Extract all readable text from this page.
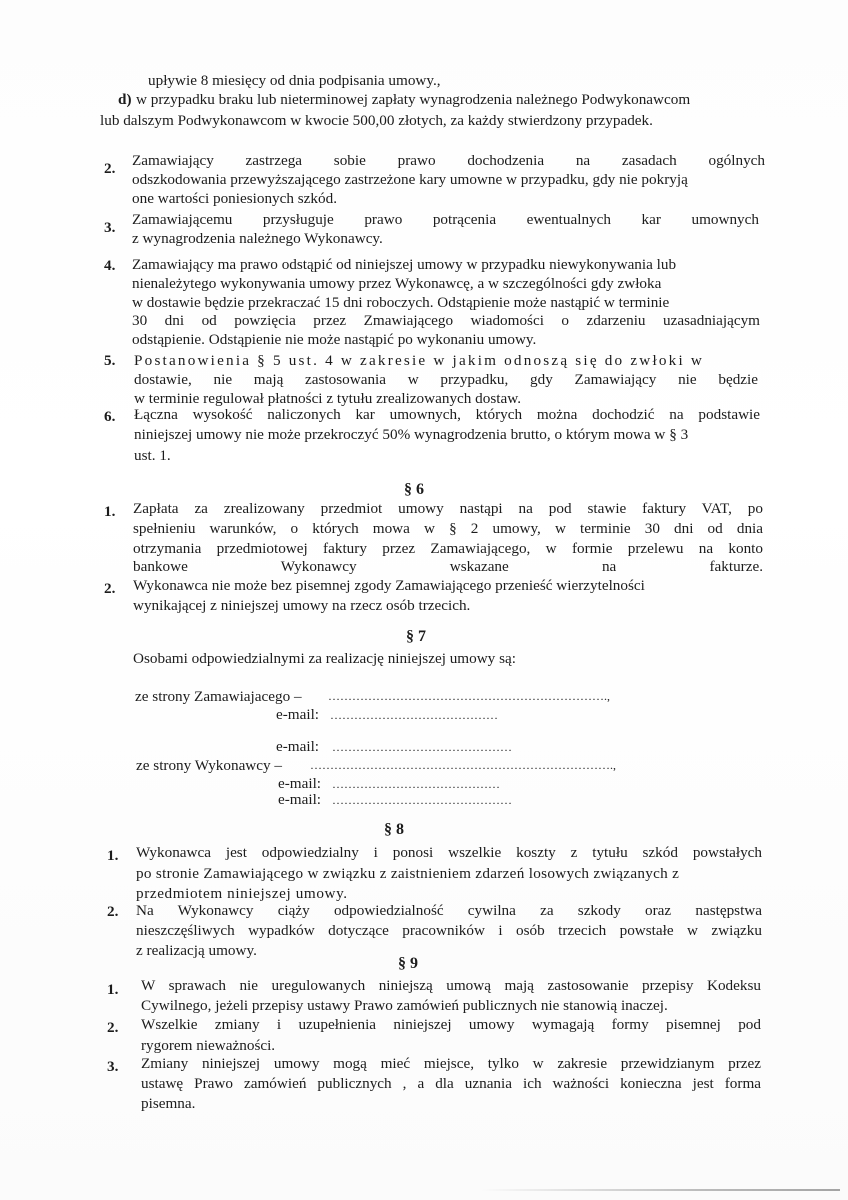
upływie 8 miesięcy od dnia podpisania umowy.,
d) w przypadku braku lub nieterminowej zapłaty wynagrodzenia należnego Podwykonawcom
lub dalszym Podwykonawcom w kwocie 500,00 złotych, za każdy stwierdzony przypadek.
2. Zamawiający zastrzega sobie prawo dochodzenia na zasadach ogólnych
odszkodowania przewyższającego zastrzeżone kary umowne w przypadku, gdy nie pokryją
one wartości poniesionych szkód.
3. Zamawiającemu przysługuje prawo potrącenia ewentualnych kar umownych
z wynagrodzenia należnego Wykonawcy.
4. Zamawiający ma prawo odstąpić od niniejszej umowy w przypadku niewykonywania lub
nienależytego wykonywania umowy przez Wykonawcę, a w szczególności gdy zwłoka
w dostawie będzie przekraczać 15 dni roboczych. Odstąpienie może nastąpić w terminie
30 dni od powzięcia przez Zmawiającego wiadomości o zdarzeniu uzasadniającym
odstąpienie. Odstąpienie nie może nastąpić po wykonaniu umowy.
5. Postanowienia § 5 ust. 4 w zakresie w jakim odnoszą się do zwłoki w
dostawie, nie mają zastosowania w przypadku, gdy Zamawiający nie będzie
w terminie regulował płatności z tytułu zrealizowanych dostaw.
6. Łączna wysokość naliczonych kar umownych, których można dochodzić na podstawie
niniejszej umowy nie może przekroczyć 50% wynagrodzenia brutto, o którym mowa w § 3
ust. 1.
§ 6
1. Zapłata za zrealizowany przedmiot umowy nastąpi na pod stawie faktury VAT, po
spełnieniu warunków, o których mowa w § 2 umowy, w terminie 30 dni od dnia
otrzymania przedmiotowej faktury przez Zamawiającego, w formie przelewu na konto
bankowe Wykonawcy wskazane na fakturze.
2. Wykonawca nie może bez pisemnej zgody Zamawiającego przenieść wierzytelności
wynikającej z niniejszej umowy na rzecz osób trzecich.
§ 7
Osobami odpowiedzialnymi za realizację niniejszej umowy są:
ze strony Zamawiajacego – …………………………………………………………….,
e-mail: ……………………………………
e-mail: ………………………………………
ze strony Wykonawcy – ………………………………………………………………….,
e-mail: ……………………………………
e-mail: ………………………………………
§ 8
1. Wykonawca jest odpowiedzialny i ponosi wszelkie koszty z tytułu szkód powstałych
po stronie Zamawiającego w związku z zaistnieniem zdarzeń losowych związanych z
przedmiotem niniejszej umowy.
2. Na Wykonawcy ciąży odpowiedzialność cywilna za szkody oraz następstwa
nieszczęśliwych wypadków dotyczące pracowników i osób trzecich powstałe w związku
z realizacją umowy.
§ 9
1. W sprawach nie uregulowanych niniejszą umową mają zastosowanie przepisy Kodeksu
Cywilnego, jeżeli przepisy ustawy Prawo zamówień publicznych nie stanowią inaczej.
2. Wszelkie zmiany i uzupełnienia niniejszej umowy wymagają formy pisemnej pod
rygorem nieważności.
3. Zmiany niniejszej umowy mogą mieć miejsce, tylko w zakresie przewidzianym przez
ustawę Prawo zamówień publicznych , a dla uznania ich ważności konieczna jest forma
pisemna.
